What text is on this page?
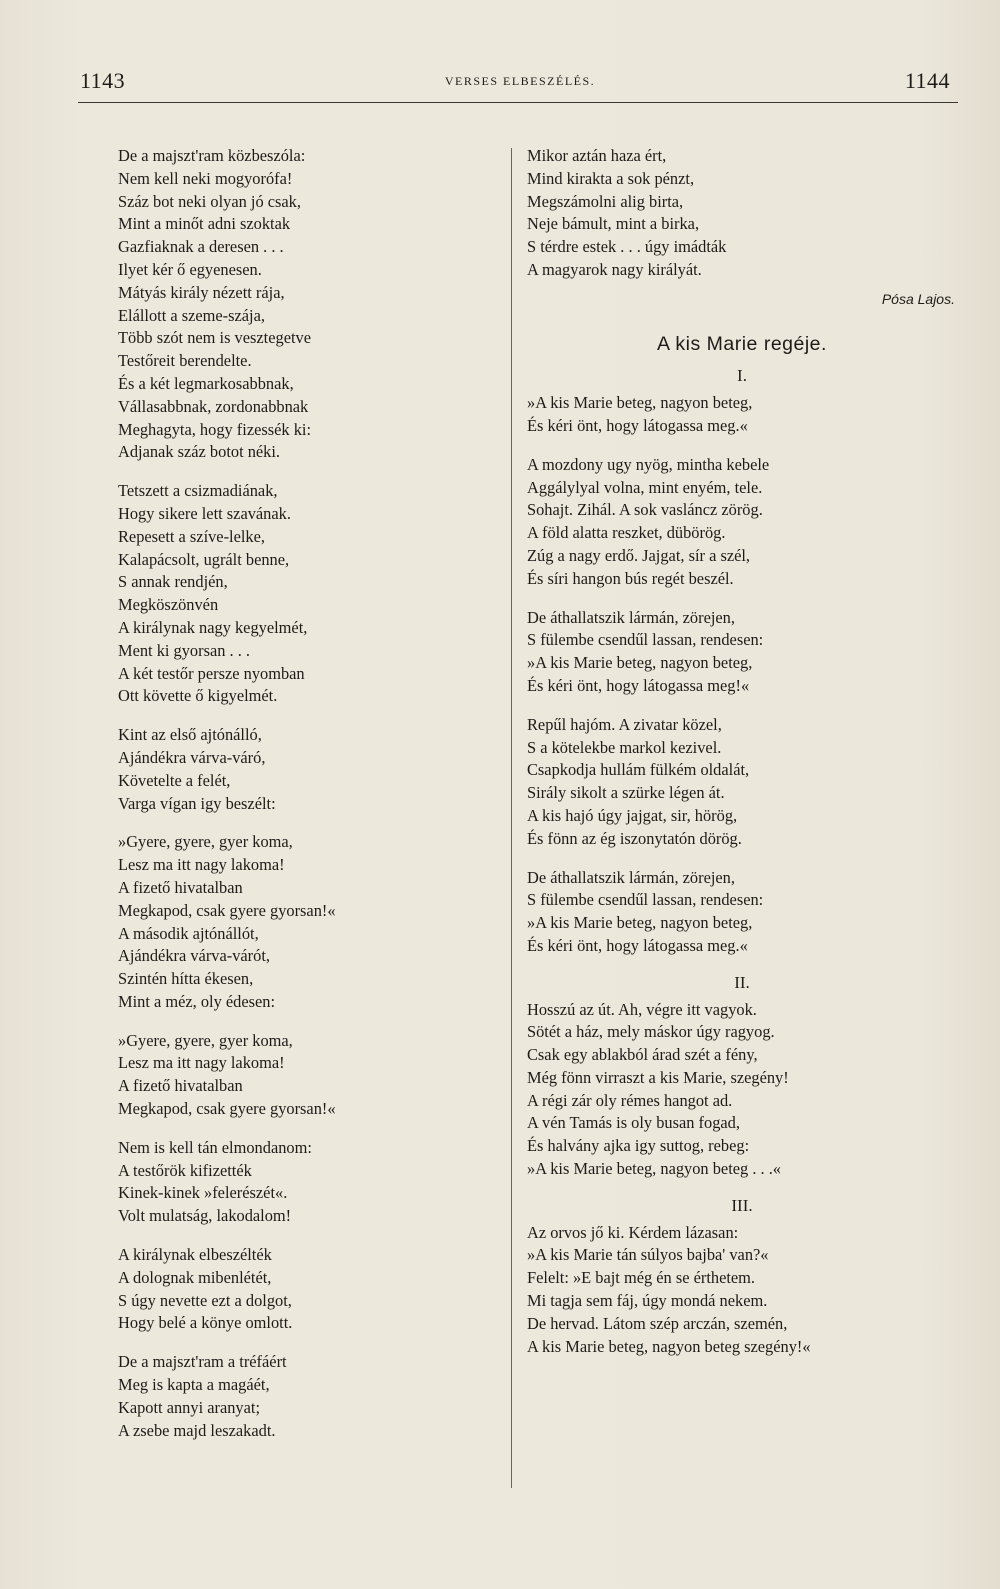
1143	VERSES ELBESZÉLÉS.	1144
De a majszt'ram közbeszóla:
Nem kell neki mogyorófa!
Száz bot neki olyan jó csak,
Mint a minőt adni szoktak
Gazfiaknak a deresen . . .
Ilyet kér ő egyenesen.
Mátyás király nézett rája,
Elállott a szeme-szája,
Több szót nem is vesztegetve
Testőreit berendelte.
És a két legmarkosabbnak,
Vállasabbnak, zordonabbnak
Meghagyta, hogy fizessék ki:
Adjanak száz botot néki.
Tetszett a csizmadiának,
Hogy sikere lett szavának.
Repesett a szíve-lelke,
Kalapácsolt, ugrált benne,
S annak rendjén,
Megköszönvén
A királynak nagy kegyelmét,
Ment ki gyorsan . . .
A két testőr persze nyomban
Ott követte ő kigyelmét.
Kint az első ajtónálló,
Ajándékra várva-váró,
Követelte a felét,
Varga vígan igy beszélt:
»Gyere, gyere, gyer koma,
Lesz ma itt nagy lakoma!
A fizető hivatalban
Megkapod, csak gyere gyorsan!«
A második ajtónállót,
Ajándékra várva-várót,
Szintén hítta ékesen,
Mint a méz, oly édesen:
»Gyere, gyere, gyer koma,
Lesz ma itt nagy lakoma!
A fizető hivatalban
Megkapod, csak gyere gyorsan!«
Nem is kell tán elmondanom:
A testőrök kifizették
Kinek-kinek »felerészét«.
Volt mulatság, lakodalom!
A királynak elbeszélték
A dolognak mibenlétét,
S úgy nevette ezt a dolgot,
Hogy belé a könye omlott.
De a majszt'ram a tréfáért
Meg is kapta a magáét,
Kapott annyi aranyat;
A zsebe majd leszakadt.
Mikor aztán haza ért,
Mind kirakta a sok pénzt,
Megszámolni alig birta,
Neje bámult, mint a birka,
S térdre estek . . . úgy imádták
A magyarok nagy királyát.
Pósa Lajos.
A kis Marie regéje.
I.
»A kis Marie beteg, nagyon beteg,
És kéri önt, hogy látogassa meg.«
A mozdony ugy nyög, mintha kebele
Aggálylyal volna, mint enyém, tele.
Sohajt. Zihál. A sok vasláncz zörög.
A föld alatta reszket, dübörög.
Zúg a nagy erdő. Jajgat, sír a szél,
És síri hangon bús regét beszél.
De áthallatszik lármán, zörejen,
S fülembe csendűl lassan, rendesen:
»A kis Marie beteg, nagyon beteg,
És kéri önt, hogy látogassa meg!«
Repűl hajóm. A zivatar közel,
S a kötelekbe markol kezivel.
Csapkodja hullám fülkém oldalát,
Sirály sikolt a szürke légen át.
A kis hajó úgy jajgat, sir, hörög,
És fönn az ég iszonytatón dörög.
De áthallatszik lármán, zörejen,
S fülembe csendűl lassan, rendesen:
»A kis Marie beteg, nagyon beteg,
És kéri önt, hogy látogassa meg.«
II.
Hosszú az út. Ah, végre itt vagyok.
Sötét a ház, mely máskor úgy ragyog.
Csak egy ablakból árad szét a fény,
Még fönn virraszt a kis Marie, szegény!
A régi zár oly rémes hangot ad.
A vén Tamás is oly busan fogad,
És halvány ajka igy suttog, rebeg:
»A kis Marie beteg, nagyon beteg . . .«
III.
Az orvos jő ki. Kérdem lázasan:
»A kis Marie tán súlyos bajba' van?«
Felelt: »E bajt még én se érthetem.
Mi tagja sem fáj, úgy mondá nekem.
De hervad. Látom szép arczán, szemén,
A kis Marie beteg, nagyon beteg szegény!«
